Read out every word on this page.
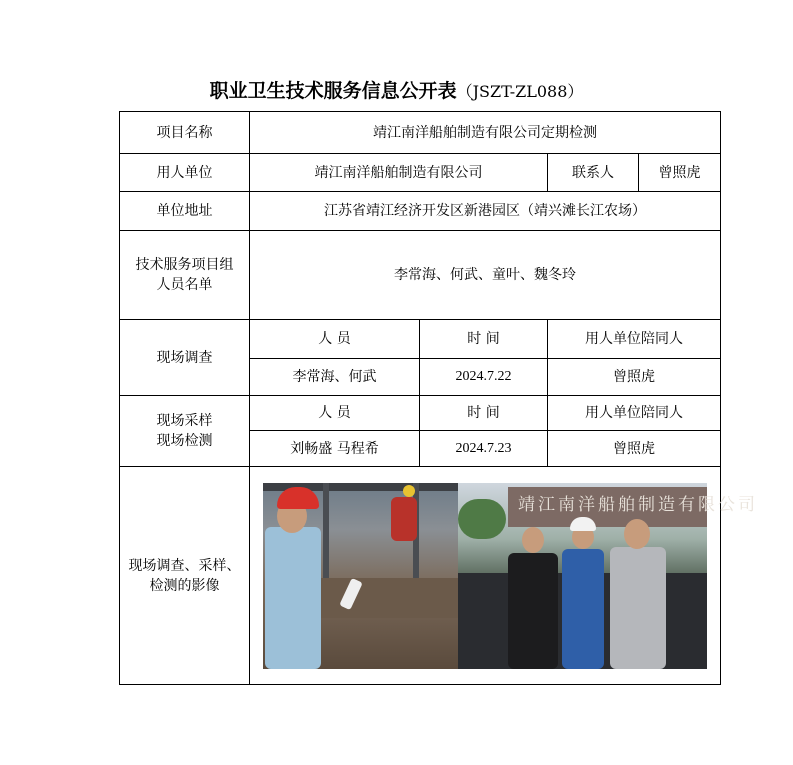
职业卫生技术服务信息公开表（JSZT-ZL088）
项目名称	靖江南洋船舶制造有限公司定期检测			
用人单位	靖江南洋船舶制造有限公司		联系人	曾照虎
单位地址	江苏省靖江经济开发区新港园区（靖兴滩长江农场）			
技术服务项目组人员名单	李常海、何武、童叶、魏冬玲			
现场调查	人 员	时 间	用人单位陪同人	
	李常海、何武	2024.7.22	曾照虎	
现场采样现场检测	人 员	时 间	用人单位陪同人	
	刘畅盛 马程希	2024.7.23	曾照虎	
现场调查、采样、检测的影像	靖江南洋船舶制造有限公司			
